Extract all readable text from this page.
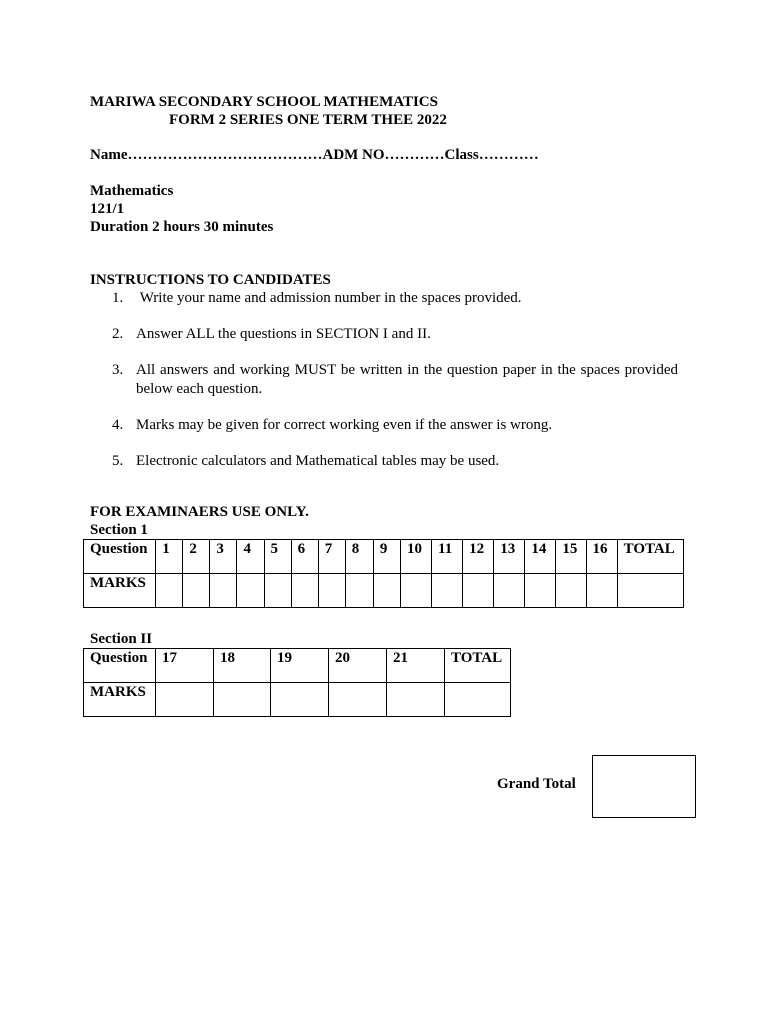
MARIWA SECONDARY SCHOOL MATHEMATICS
FORM 2 SERIES ONE TERM THEE 2022
Name…………………………………ADM NO…………Class…………
Mathematics
121/1
Duration 2 hours 30 minutes
INSTRUCTIONS TO CANDIDATES
1. Write your name and admission number in the spaces provided.
2. Answer ALL the questions in SECTION I and II.
3. All answers and working MUST be written in the question paper in the spaces provided below each question.
4. Marks may be given for correct working even if the answer is wrong.
5. Electronic calculators and Mathematical tables may be used.
FOR EXAMINAERS USE ONLY.
Section 1
Question	1	2	3	4	5	6	7	8	9	10	11	12	13	14	15	16	TOTAL
MARKS																	
Section II
Question	17	18	19	20	21	TOTAL
MARKS						
Grand Total
